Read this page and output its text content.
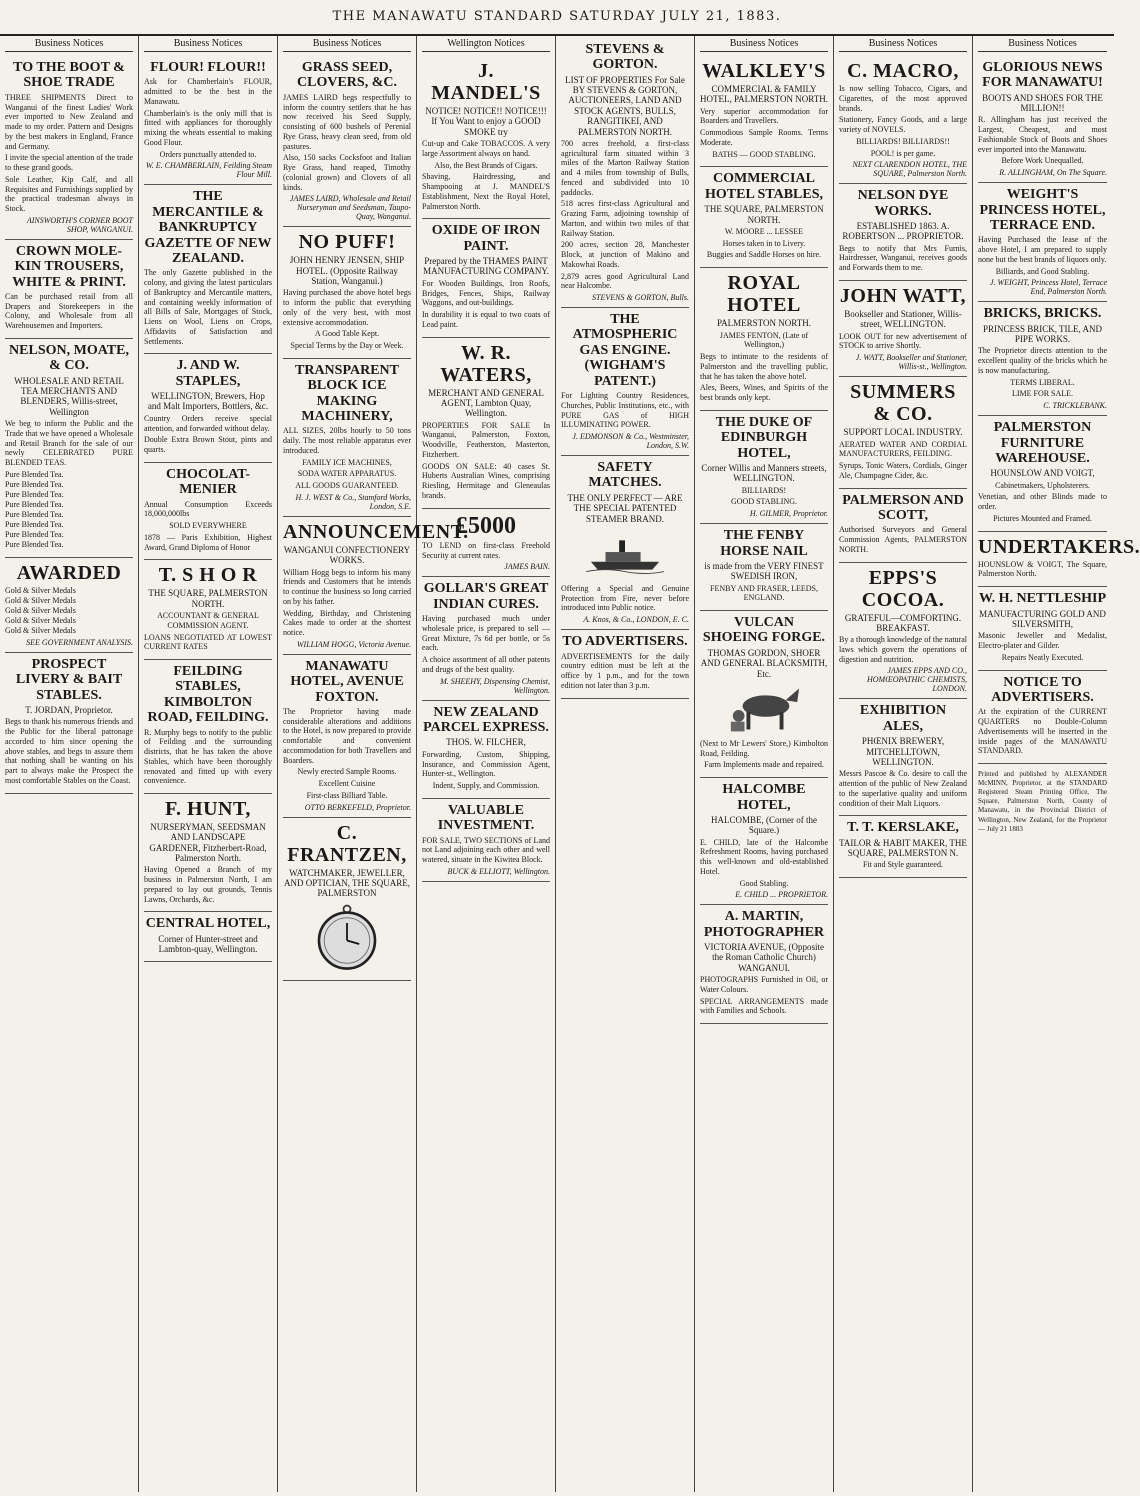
THE MANAWATU STANDARD SATURDAY JULY 21, 1883.
Business Notices
TO THE BOOT & SHOE TRADE

THREE SHIPMENTS Direct to Wanganui of the finest Ladies' Work ever imported to New Zealand and made to my order. Pattern and Designs by the best makers in England, France and Germany.

I invite the special attention of the trade to these grand goods.

Sole Leather, Kip Calf, and all Requisites and Furnishings supplied by the practical tradesman always in Stock.

AINSWORTH'S CORNER BOOT SHOP, WANGANUI.
CROWN MOLE-KIN TROUSERS, WHITE & PRINT.

Can be purchased retail from all Drapers and Storekeepers in the Colony, and Wholesale from all Warehousemen and Importers.

NELSON, MOATE, & CO.
WHOLESALE AND RETAIL TEA MERCHANTS AND BLENDERS, Willis-street, Wellington

We beg to inform the Public and the Trade that we have opened a Wholesale and Retail Branch for the sale of our newly CELEBRATED PURE BLENDED TEAS.

Pure Blended Tea.
Pure Blended Tea.
Pure Blended Tea.
Pure Blended Tea.
Pure Blended Tea.
Pure Blended Tea.
Pure Blended Tea.
Pure Blended Tea.
AWARDED
Gold & Silver Medals
Gold & Silver Medals
Gold & Silver Medals
Gold & Silver Medals
Gold & Silver Medals
SEE GOVERNMENT ANALYSIS.
PROSPECT LIVERY & BAIT STABLES.
T. JORDAN, Proprietor.

Begs to thank his numerous friends and the Public for the liberal patronage accorded to him since opening the above stables, and begs to assure them that nothing shall be wanting on his part to always make the Prospect the most comfortable Stables on the Coast.

Business Notices
FLOUR! FLOUR!!

Ask for Chamberlain's FLOUR, admitted to be the best in the Manawatu.

Chamberlain's is the only mill that is fitted with appliances for thoroughly mixing the wheats essential to making Good Flour.

Orders punctually attended to.

W. E. CHAMBERLAIN, Feilding Steam Flour Mill.
THE MERCANTILE & BANKRUPTCY GAZETTE OF NEW ZEALAND.

The only Gazette published in the colony, and giving the latest particulars of Bankruptcy and Mercantile matters, and containing weekly information of all Bills of Sale, Mortgages of Stock, Liens on Wool, Liens on Crops, Affidavits of Satisfaction and Settlements.

J. AND W. STAPLES,
WELLINGTON, Brewers, Hop and Malt Importers, Bottlers, &c.

Country Orders receive special attention, and forwarded without delay.

Double Extra Brown Stout, pints and quarts.

CHOCOLAT-MENIER

Annual Consumption Exceeds 18,000,000lbs

SOLD EVERYWHERE

1878 — Paris Exhibition, Highest Award, Grand Diploma of Honor

T. S H O R
THE SQUARE, PALMERSTON NORTH.

ACCOUNTANT & GENERAL COMMISSION AGENT.

LOANS NEGOTIATED AT LOWEST CURRENT RATES

FEILDING STABLES, KIMBOLTON ROAD, FEILDING.

R. Murphy begs to notify to the public of Feilding and the surrounding districts, that he has taken the above Stables, which have been thoroughly renovated and fitted up with every convenience.

F. HUNT,
NURSERYMAN, SEEDSMAN AND LANDSCAPE GARDENER, Fitzherbert-Road, Palmerston North.

Having Opened a Branch of my business in Palmerston North, I am prepared to lay out grounds, Tennis Lawns, Orchards, &c.

CENTRAL HOTEL,
Corner of Hunter-street and Lambton-quay, Wellington.
Business Notices
GRASS SEED, CLOVERS, &C.

JAMES LAIRD begs respectfully to inform the country settlers that he has now received his Seed Supply, consisting of 600 bushels of Perenial Rye Grass, heavy clean seed, from old pastures.

Also, 150 sacks Cocksfoot and Italian Rye Grass, hand reaped, Timothy (colonial grown) and Clovers of all kinds.

JAMES LAIRD, Wholesale and Retail Nurseryman and Seedsman, Taupo-Quay, Wanganui.
NO PUFF!
JOHN HENRY JENSEN, SHIP HOTEL. (Opposite Railway Station, Wanganui.)

Having purchased the above hotel begs to inform the public that everything only of the very best, with most extensive accommodation.

A Good Table Kept.

Special Terms by the Day or Week.

TRANSPARENT BLOCK ICE MAKING MACHINERY,

ALL SIZES, 20lbs hourly to 50 tons daily. The most reliable apparatus ever introduced.

FAMILY ICE MACHINES,

SODA WATER APPARATUS.

ALL GOODS GUARANTEED.

H. J. WEST & Co., Stamford Works, London, S.E.
ANNOUNCEMENT.
WANGANUI CONFECTIONERY WORKS.

William Hogg begs to inform his many friends and Customers that he intends to continue the business so long carried on by his father.

Wedding, Birthday, and Christening Cakes made to order at the shortest notice.

WILLIAM HOGG, Victoria Avenue.
MANAWATU HOTEL, AVENUE FOXTON.

The Proprietor having made considerable alterations and additions to the Hotel, is now prepared to provide comfortable and convenient accommodation for both Travellers and Boarders.

Newly erected Sample Rooms.

Excellent Cuisine

First-class Billiard Table.

OTTO BERKEFELD, Proprietor.
C. FRANTZEN,
WATCHMAKER, JEWELLER, AND OPTICIAN, THE SQUARE, PALMERSTON
Wellington Notices
J. MANDEL'S
NOTICE! NOTICE!! NOTICE!!! If You Want to enjoy a GOOD SMOKE try

Cut-up and Cake TOBACCOS. A very large Assortment always on hand.

Also, the Best Brands of Cigars.

Shaving, Hairdressing, and Shampooing at J. MANDEL'S Establishment, Next the Royal Hotel, Palmerston North.

OXIDE OF IRON PAINT.
Prepared by the THAMES PAINT MANUFACTURING COMPANY.

For Wooden Buildings, Iron Roofs, Bridges, Fences, Ships, Railway Waggons, and out-buildings.

In durability it is equal to two coats of Lead paint.

W. R. WATERS,
MERCHANT AND GENERAL AGENT, Lambton Quay, Wellington.

PROPERTIES FOR SALE In Wanganui, Palmerston, Foxton, Woodville, Featherston, Masterton, Fitzherbert.

GOODS ON SALE: 40 cases St. Huberts Australian Wines, comprising Riesling, Hermitage and Gleneaulas brands.

£5000

TO LEND on first-class Freehold Security at current rates.

JAMES BAIN.
GOLLAR'S GREAT INDIAN CURES.

Having purchased much under wholesale price, is prepared to sell — Great Mixture, 7s 6d per bottle, or 5s each.

A choice assortment of all other patents and drugs of the best quality.

M. SHEEHY, Dispensing Chemist, Wellington.
NEW ZEALAND PARCEL EXPRESS.
THOS. W. FILCHER,

Forwarding, Custom, Shipping, Insurance, and Commission Agent, Hunter-st., Wellington.

Indent, Supply, and Commission.

VALUABLE INVESTMENT.

FOR SALE, TWO SECTIONS of Land not Land adjoining each other and well watered, situate in the Kiwitea Block.

BUCK & ELLIOTT, Wellington.
STEVENS & GORTON.
LIST OF PROPERTIES For Sale BY STEVENS & GORTON, AUCTIONEERS, LAND AND STOCK AGENTS, BULLS, RANGITIKEI, AND PALMERSTON NORTH.

700 acres freehold, a first-class agricultural farm situated within 3 miles of the Marton Railway Station and 4 miles from township of Bulls, fenced and subdivided into 10 paddocks.

518 acres first-class Agricultural and Grazing Farm, adjoining township of Marton, and within two miles of that Railway Station.

200 acres, section 28, Manchester Block, at junction of Makino and Makowhai Roads.

2,879 acres good Agricultural Land near Halcombe.

STEVENS & GORTON, Bulls.
THE ATMOSPHERIC GAS ENGINE. (WIGHAM'S PATENT.)

For Lighting Country Residences, Churches, Public Institutions, etc., with PURE GAS of HIGH ILLUMINATING POWER.

J. EDMONSON & Co., Westminster, London, S.W.
SAFETY MATCHES.
THE ONLY PERFECT — ARE THE SPECIAL PATENTED STEAMER BRAND.

Offering a Special and Genuine Protection from Fire, never before introduced into Public notice.

A. Knos, & Co., LONDON, E. C.
TO ADVERTISERS.

ADVERTISEMENTS for the daily country edition must be left at the office by 1 p.m., and for the town edition not later than 3 p.m.

Business Notices
WALKLEY'S
COMMERCIAL & FAMILY HOTEL, PALMERSTON NORTH.

Very superior accommodation for Boarders and Travellers.

Commodious Sample Rooms. Terms Moderate.

BATHS — GOOD STABLING.

COMMERCIAL HOTEL STABLES,
THE SQUARE, PALMERSTON NORTH.

W. MOORE ... LESSEE

Horses taken in to Livery.

Buggies and Saddle Horses on hire.

ROYAL HOTEL
PALMERSTON NORTH.

JAMES FENTON, (Late of Wellington,)

Begs to intimate to the residents of Palmerston and the travelling public, that he has taken the above hotel.

Ales, Beers, Wines, and Spirits of the best brands only kept.

THE DUKE OF EDINBURGH HOTEL,
Corner Willis and Manners streets, WELLINGTON.

BILLIARDS!

GOOD STABLING.

H. GILMER, Proprietor.
THE FENBY HORSE NAIL
is made from the VERY FINEST SWEDISH IRON,

FENBY AND FRASER, LEEDS, ENGLAND.

VULCAN SHOEING FORGE.
THOMAS GORDON, SHOER AND GENERAL BLACKSMITH, Etc.

(Next to Mr Lewers' Store,) Kimbolton Road, Feilding.

Farm Implements made and repaired.

HALCOMBE HOTEL,
HALCOMBE, (Corner of the Square.)

E. CHILD, late of the Halcombe Refreshment Rooms, having purchased this well-known and old-established Hotel.

Good Stabling.

E. CHILD ... PROPRIETOR.
A. MARTIN, PHOTOGRAPHER
VICTORIA AVENUE, (Opposite the Roman Catholic Church) WANGANUI.

PHOTOGRAPHS Furnished in Oil, or Water Colours.

SPECIAL ARRANGEMENTS made with Families and Schools.

Business Notices
C. MACRO,

Is now selling Tobacco, Cigars, and Cigarettes, of the most approved brands.

Stationery, Fancy Goods, and a large variety of NOVELS.

BILLIARDS! BILLIARDS!!

POOL! is per game.

NEXT CLARENDON HOTEL, THE SQUARE, Palmerston North.
NELSON DYE WORKS.
ESTABLISHED 1863. A. ROBERTSON ... PROPRIETOR.

Begs to notify that Mrs Furnis, Hairdresser, Wanganui, receives goods and Forwards them to me.

JOHN WATT,
Bookseller and Stationer, Willis-street, WELLINGTON.

LOOK OUT for new advertisement of STOCK to arrive Shortly.

J. WATT, Bookseller and Stationer, Willis-st., Wellington.
SUMMERS & CO.
SUPPORT LOCAL INDUSTRY.

AERATED WATER AND CORDIAL MANUFACTURERS, FEILDING.

Syrups, Tonic Waters, Cordials, Ginger Ale, Champagne Cider, &c.

PALMERSON AND SCOTT,

Authorised Surveyors and General Commission Agents, PALMERSTON NORTH.

EPPS'S COCOA.
GRATEFUL—COMFORTING. BREAKFAST.

By a thorough knowledge of the natural laws which govern the operations of digestion and nutrition.

JAMES EPPS AND CO., HOMŒOPATHIC CHEMISTS, LONDON.
EXHIBITION ALES,
PHŒNIX BREWERY, MITCHELLTOWN, WELLINGTON.

Messrs Pascoe & Co. desire to call the attention of the public of New Zealand to the superlative quality and uniform condition of their Malt Liquors.

T. T. KERSLAKE,
TAILOR & HABIT MAKER, THE SQUARE, PALMERSTON N.

Fit and Style guaranteed.

Business Notices
GLORIOUS NEWS FOR MANAWATU!
BOOTS AND SHOES FOR THE MILLION!!

R. Allingham has just received the Largest, Cheapest, and most Fashionable Stock of Boots and Shoes ever imported into the Manawatu.

Before Work Unequalled.

R. ALLINGHAM, On The Square.
WEIGHT'S PRINCESS HOTEL, TERRACE END.

Having Purchased the lease of the above Hotel, I am prepared to supply none but the best brands of liquors only.

Billiards, and Good Stabling.

J. WEIGHT, Princess Hotel, Terrace End, Palmerston North.
BRICKS, BRICKS.
PRINCESS BRICK, TILE, AND PIPE WORKS.

The Proprietor directs attention to the excellent quality of the bricks which he is now manufacturing.

TERMS LIBERAL.

LIME FOR SALE.

C. TRICKLEBANK.
PALMERSTON FURNITURE WAREHOUSE.
HOUNSLOW AND VOIGT,

Cabinetmakers, Upholsterers.

Venetian, and other Blinds made to order.

Pictures Mounted and Framed.

UNDERTAKERS.

HOUNSLOW & VOIGT, The Square, Palmerston North.

W. H. NETTLESHIP
MANUFACTURING GOLD AND SILVERSMITH,

Masonic Jeweller and Medalist, Electro-plater and Gilder.

Repairs Neatly Executed.

NOTICE TO ADVERTISERS.

At the expiration of the CURRENT QUARTERS no Double-Column Advertisements will be inserted in the inside pages of the MANAWATU STANDARD.

Printed and published by ALEXANDER McMINN, Proprietor, at the STANDARD Registered Steam Printing Office, The Square, Palmerston North, County of Manawatu, in the Provincial District of Wellington, New Zealand, for the Proprietor — July 21 1883
